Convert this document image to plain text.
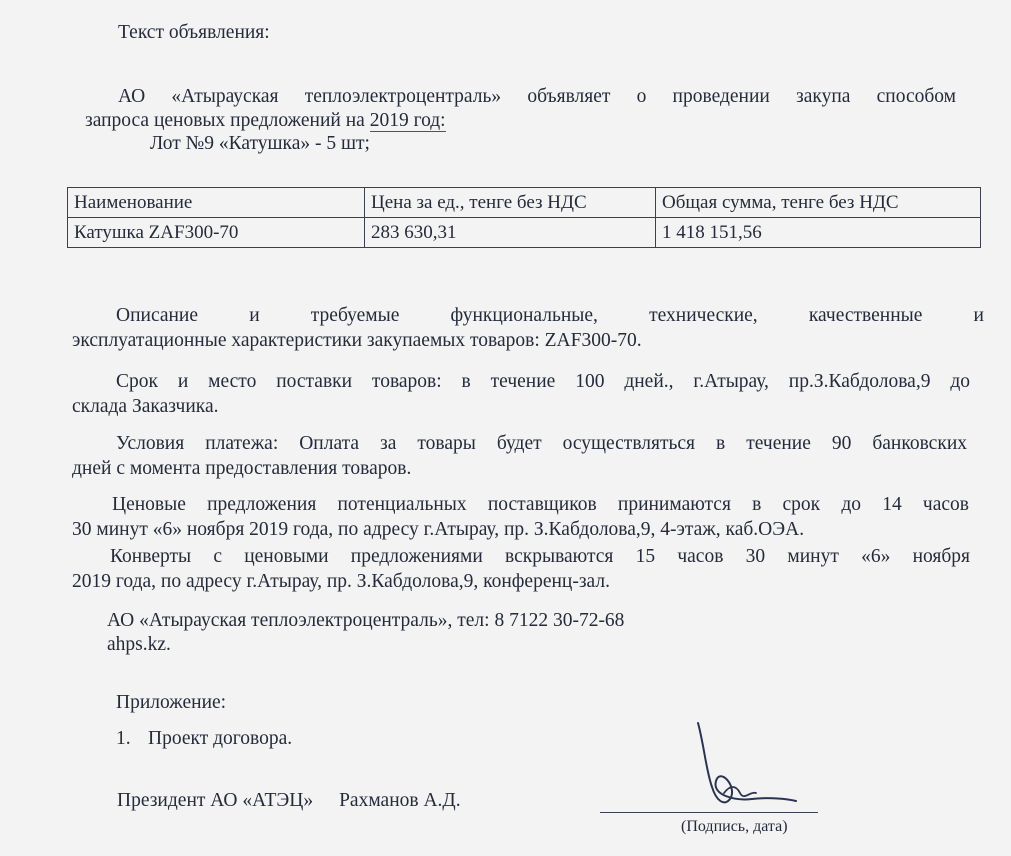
Текст объявления:
АО «Атырауская теплоэлектроцентраль» объявляет о проведении закупа способом
запроса ценовых предложений на 2019 год:
Лот №9 «Катушка» - 5 шт;
Наименование	Цена за ед., тенге без НДС	Общая сумма, тенге без НДС
Катушка ZAF300-70	283 630,31	1 418 151,56
Описание и требуемые функциональные, технические, качественные и
эксплуатационные характеристики закупаемых товаров: ZAF300-70.
Срок и место поставки товаров: в течение 100 дней., г.Атырау, пр.З.Кабдолова,9 до
склада Заказчика.
Условия платежа: Оплата за товары будет осуществляться в течение 90 банковских
дней с момента предоставления товаров.
Ценовые предложения потенциальных поставщиков принимаются в срок до 14 часов
30 минут «6» ноября 2019 года, по адресу г.Атырау, пр. З.Кабдолова,9, 4-этаж, каб.ОЭА.
Конверты с ценовыми предложениями вскрываются 15 часов 30 минут «6» ноября
2019 года, по адресу г.Атырау, пр. З.Кабдолова,9, конференц-зал.
АО «Атырауская теплоэлектроцентраль», тел: 8 7122 30-72-68
ahps.kz.
Приложение:
1. Проект договора.
Президент АО «АТЭЦ» Рахманов А.Д.
(Подпись, дата)
